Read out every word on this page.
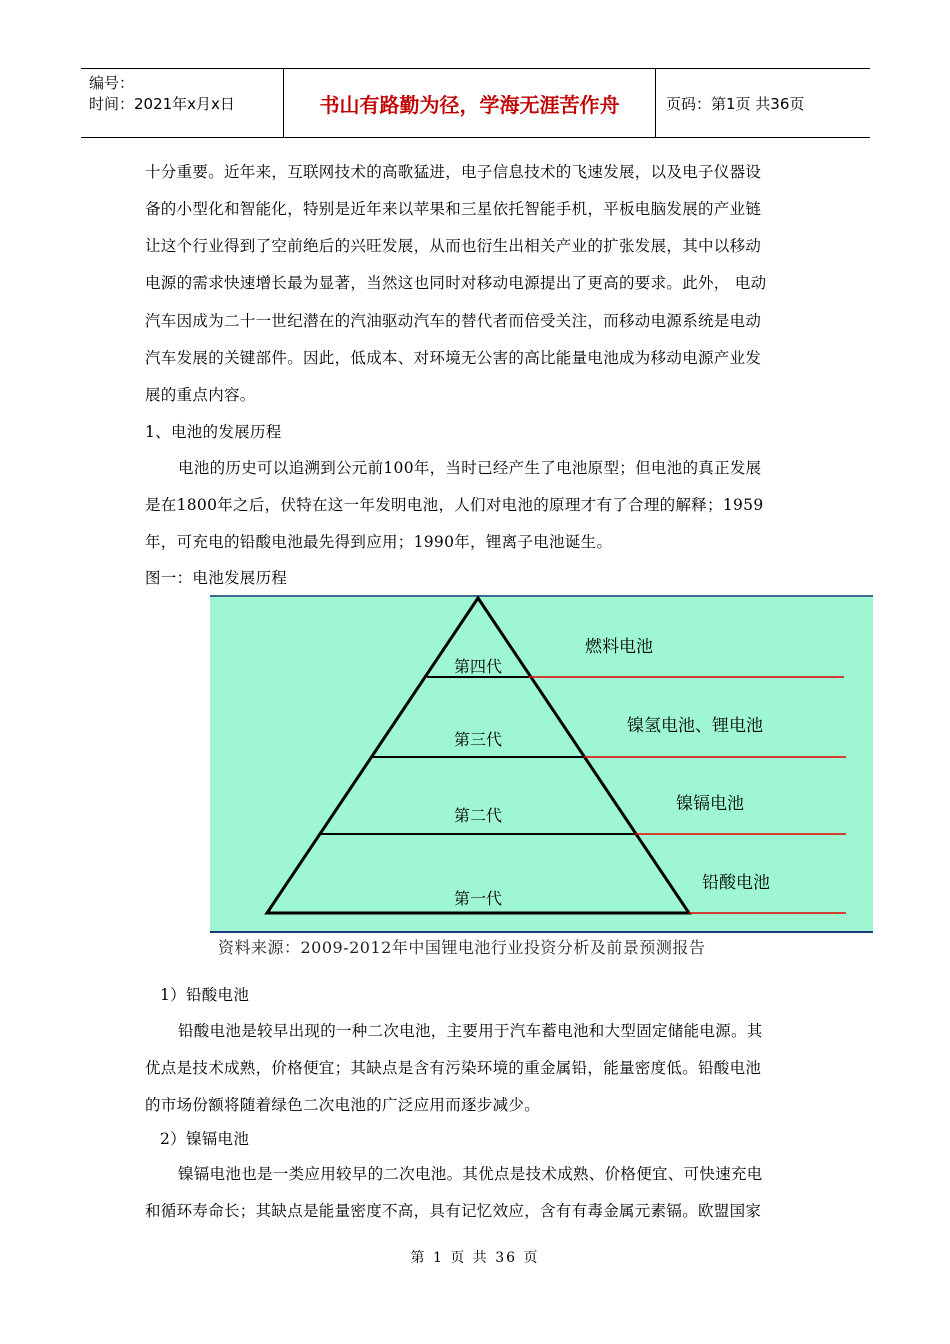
编号：
时间：2021年x月x日	书山有路勤为径，学海无涯苦作舟	页码：第1页 共36页
十分重要。近年来，互联网技术的高歌猛进，电子信息技术的飞速发展，以及电子仪器设
备的小型化和智能化，特别是近年来以苹果和三星依托智能手机，平板电脑发展的产业链
让这个行业得到了空前绝后的兴旺发展，从而也衍生出相关产业的扩张发展，其中以移动
电源的需求快速增长最为显著，当然这也同时对移动电源提出了更高的要求。此外， 电动
汽车因成为二十一世纪潜在的汽油驱动汽车的替代者而倍受关注，而移动电源系统是电动
汽车发展的关键部件。因此，低成本、对环境无公害的高比能量电池成为移动电源产业发
展的重点内容。
1、电池的发展历程
电池的历史可以追溯到公元前100年，当时已经产生了电池原型；但电池的真正发展
是在1800年之后，伏特在这一年发明电池，人们对电池的原理才有了合理的解释；1959
年，可充电的铅酸电池最先得到应用；1990年，锂离子电池诞生。
图一：电池发展历程
第四代
第三代
第二代
第一代
燃料电池
镍氢电池、锂电池
镍镉电池
铅酸电池
资料来源：2009-2012年中国锂电池行业投资分析及前景预测报告
1）铅酸电池
铅酸电池是较早出现的一种二次电池，主要用于汽车蓄电池和大型固定储能电源。其
优点是技术成熟，价格便宜；其缺点是含有污染环境的重金属铅，能量密度低。铅酸电池
的市场份额将随着绿色二次电池的广泛应用而逐步减少。
2）镍镉电池
镍镉电池也是一类应用较早的二次电池。其优点是技术成熟、价格便宜、可快速充电
和循环寿命长；其缺点是能量密度不高，具有记忆效应，含有有毒金属元素镉。欧盟国家
第 1 页 共 36 页
